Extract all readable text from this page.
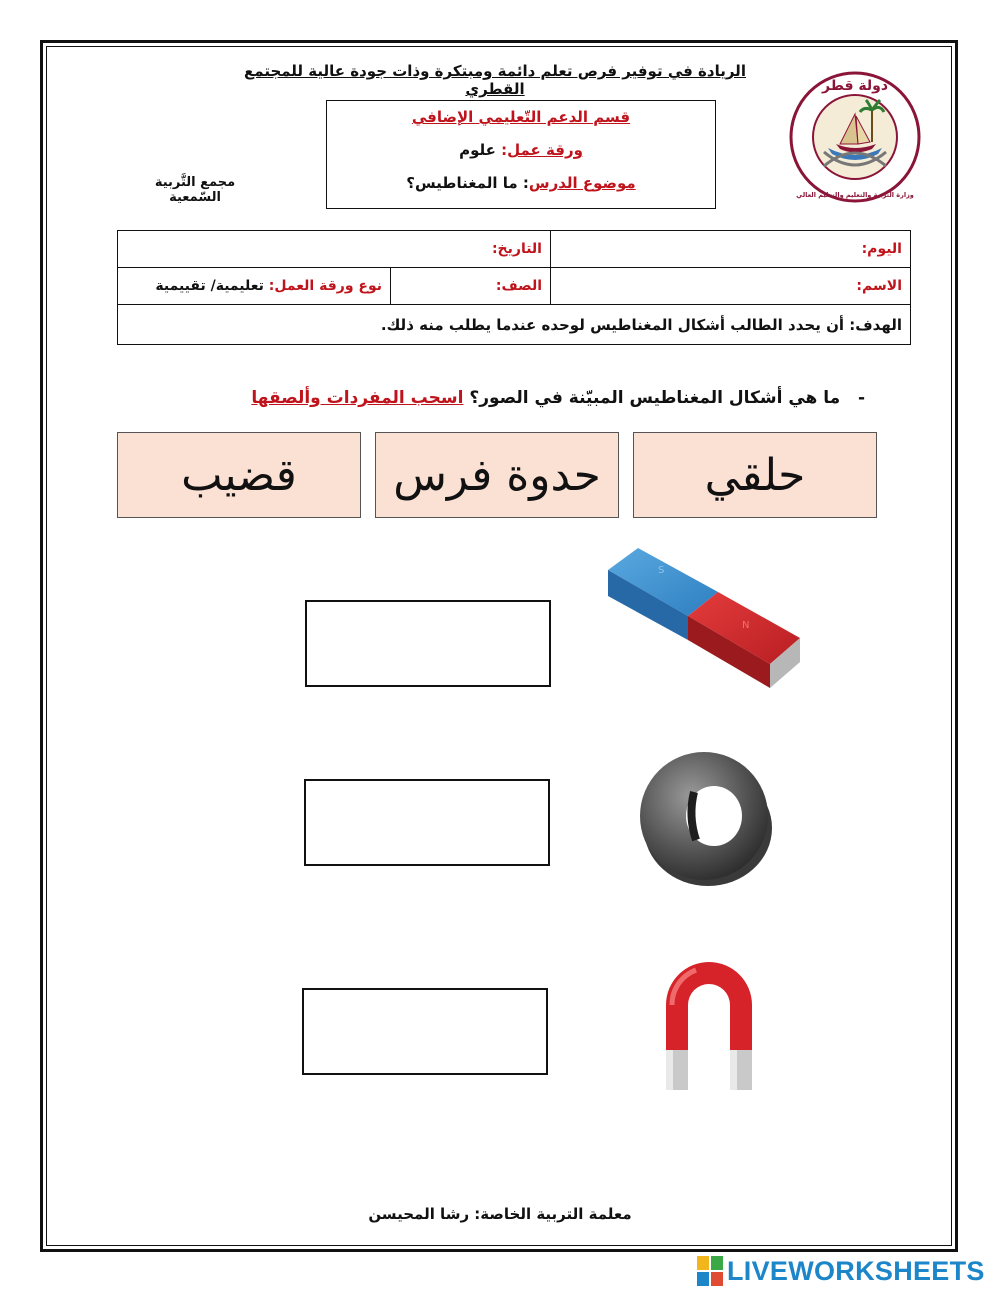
الريادة في توفير فرص تعلم دائمة ومبتكرة وذات جودة عالية للمجتمع القطري	دولة قطر
وزارة التربية والتعليم والتعليم العالي
قسم الدعم التّعليمي الإضافي
ورقة عمل: علوم
موضوع الدرس: ما المغناطيس؟
مجمع التَّربية السّمعية
اليوم:	التاريخ:	
الاسم:	الصف:	نوع ورقة العمل: تعليمية/ تقييمية
الهدف: أن يحدد الطالب أشكال المغناطيس لوحده عندما يطلب منه ذلك.		
-   ما هي أشكال المغناطيس المبيّنة في الصور؟ اسحب المفردات وألصقها
حلقي
حدوة فرس
قضيب
S
N
معلمة التربية الخاصة: رشا المحيسن
LIVEWORKSHEETS
